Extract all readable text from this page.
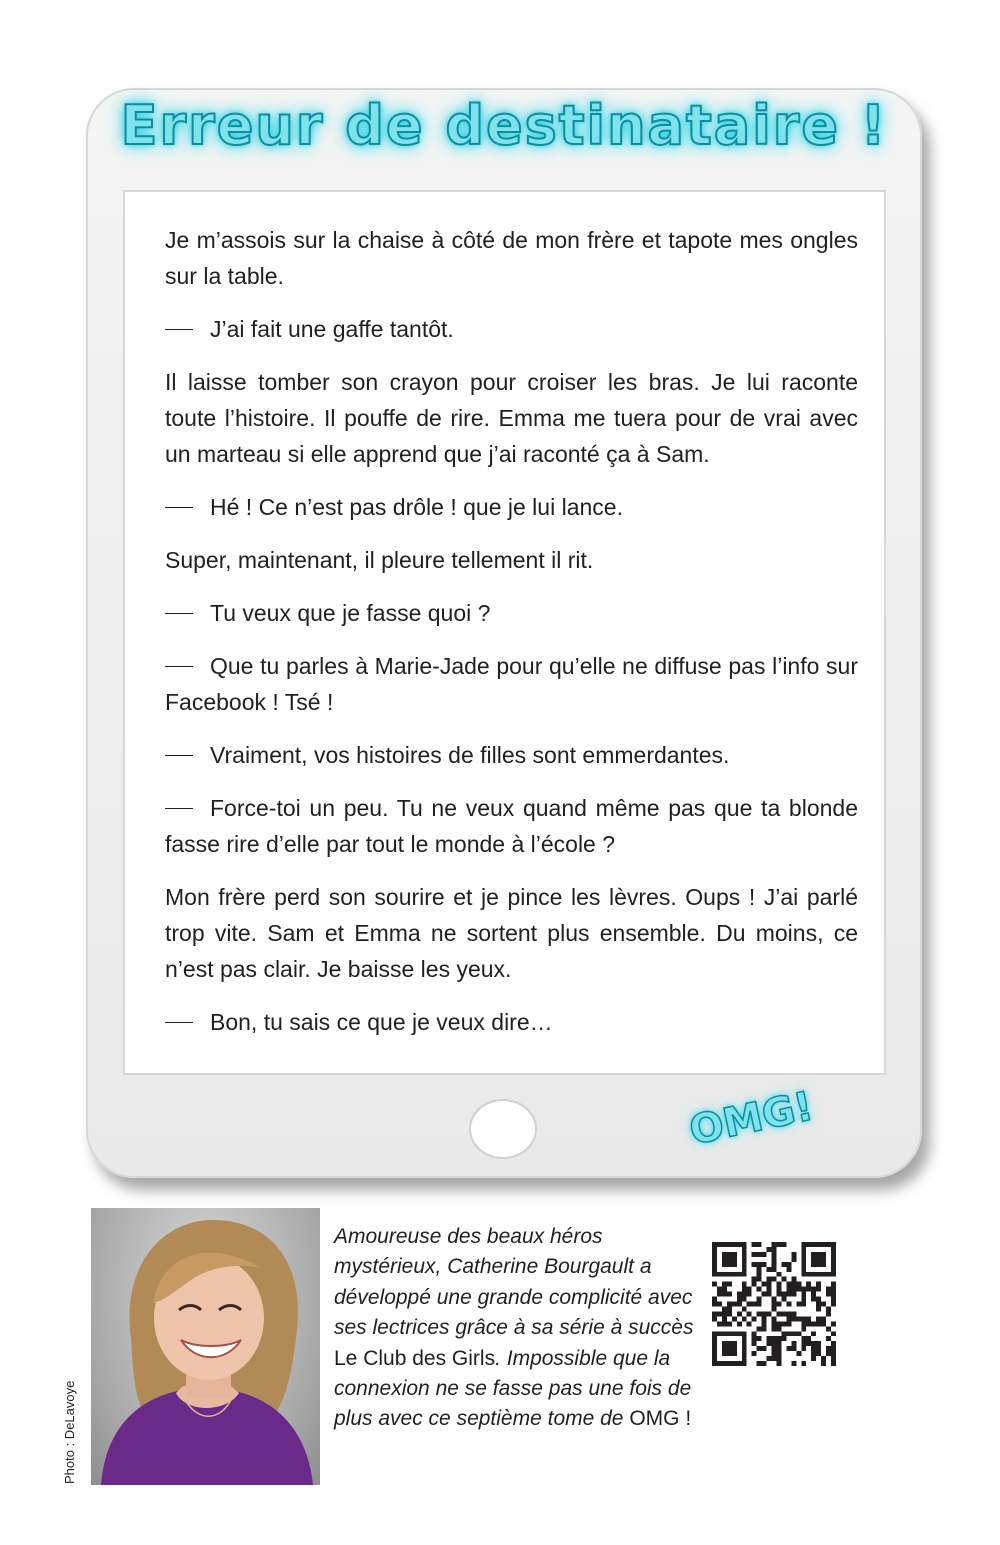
Erreur de destinataire !

Je m’assois sur la chaise à côté de mon frère et tapote mes ongles sur la table.

J’ai fait une gaffe tantôt.

Il laisse tomber son crayon pour croiser les bras. Je lui raconte toute l’histoire. Il pouffe de rire. Emma me tuera pour de vrai avec un marteau si elle apprend que j’ai raconté ça à Sam.

Hé ! Ce n’est pas drôle ! que je lui lance.

Super, maintenant, il pleure tellement il rit.

Tu veux que je fasse quoi ?

Que tu parles à Marie-Jade pour qu’elle ne diffuse pas l’info sur Facebook ! Tsé !

Vraiment, vos histoires de filles sont emmerdantes.

Force-toi un peu. Tu ne veux quand même pas que ta blonde fasse rire d’elle par tout le monde à l’école ?

Mon frère perd son sourire et je pince les lèvres. Oups ! J’ai parlé trop vite. Sam et Emma ne sortent plus ensemble. Du moins, ce n’est pas clair. Je baisse les yeux.

Bon, tu sais ce que je veux dire…

OMG!
Photo : DeLavoye
Amoureuse des beaux héros mystérieux, Catherine Bourgault a développé une grande complicité avec ses lectrices grâce à sa série à succès Le Club des Girls. Impossible que la connexion ne se fasse pas une fois de plus avec ce septième tome de OMG !
